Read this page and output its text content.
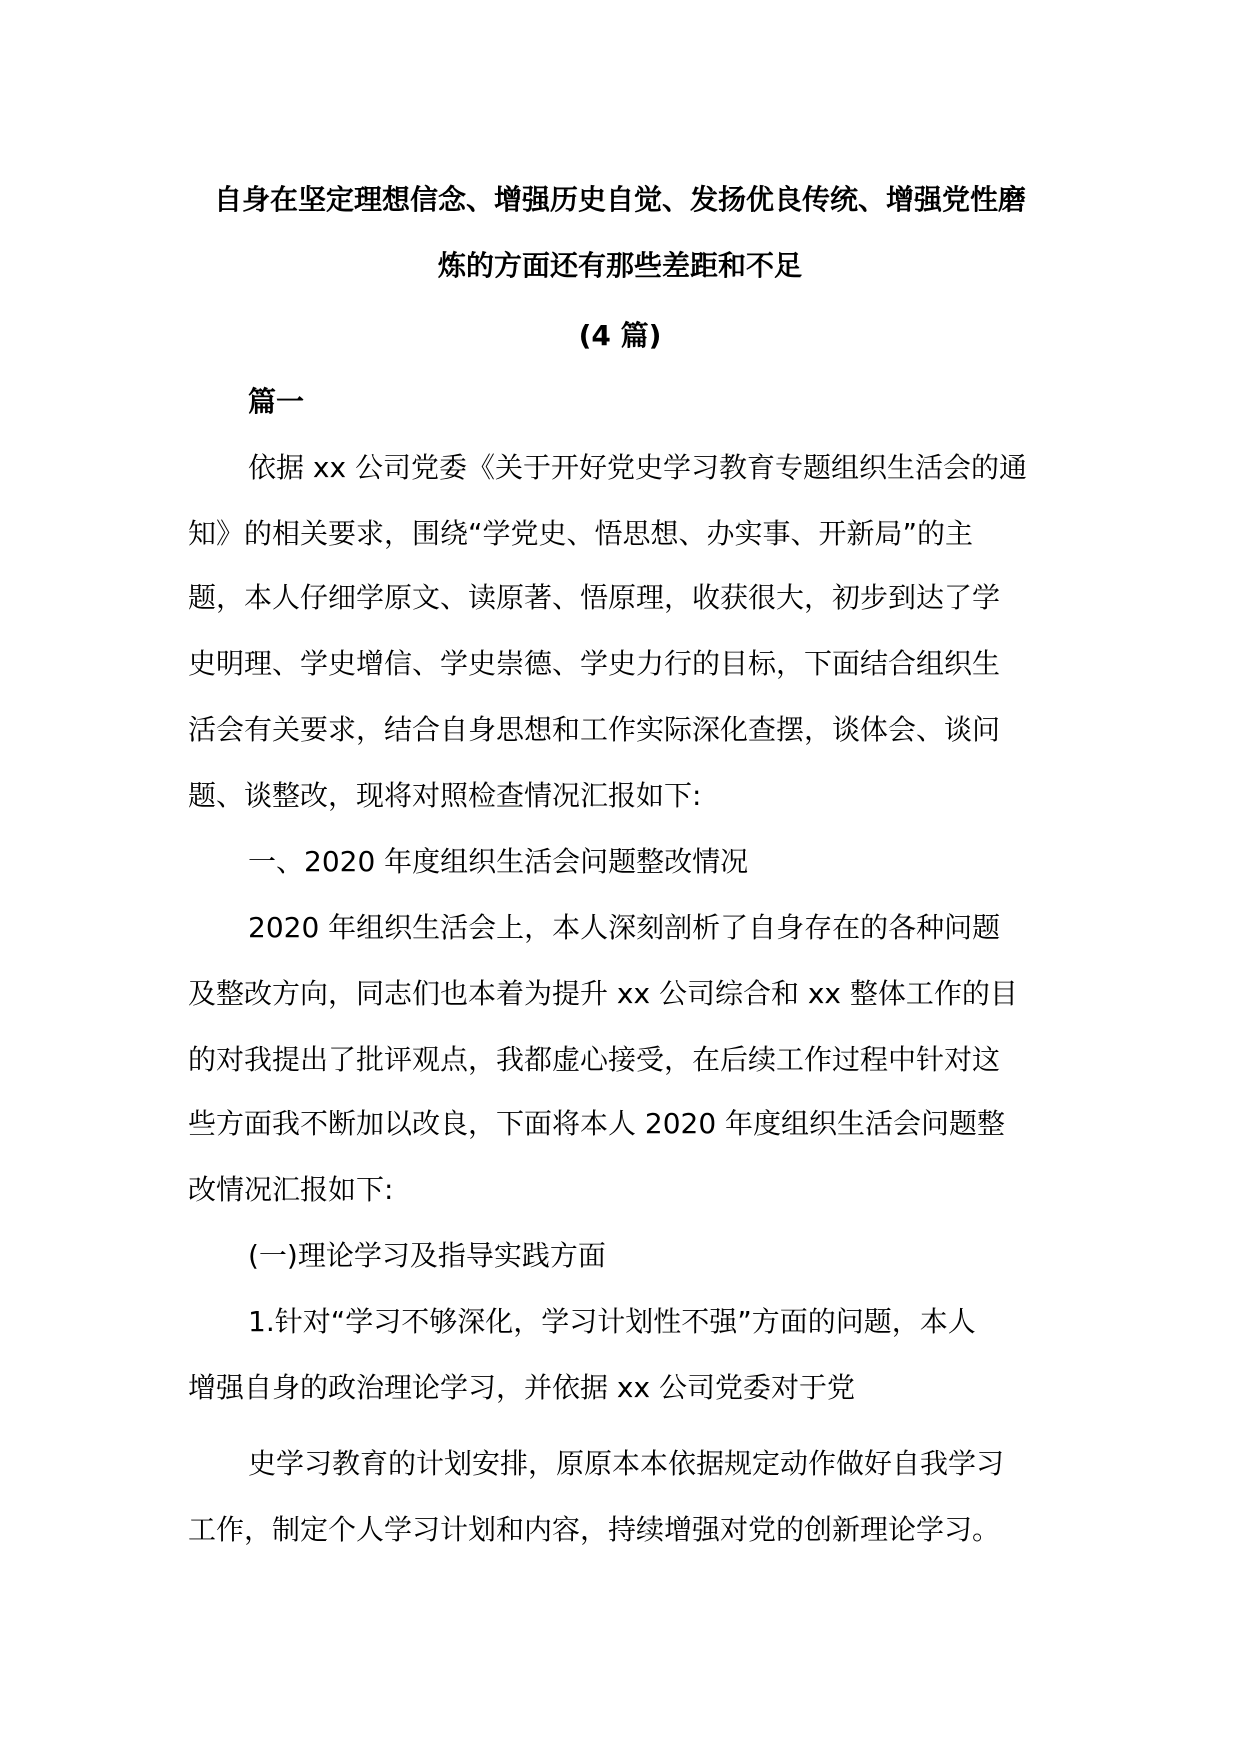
自身在坚定理想信念、增强历史自觉、发扬优良传统、增强党性磨
炼的方面还有那些差距和不足
(4 篇)
篇一
依据 xx 公司党委《关于开好党史学习教育专题组织生活会的通
知》的相关要求，围绕“学党史、悟思想、办实事、开新局”的主
题，本人仔细学原文、读原著、悟原理，收获很大，初步到达了学
史明理、学史增信、学史崇德、学史力行的目标，下面结合组织生
活会有关要求，结合自身思想和工作实际深化查摆，谈体会、谈问
题、谈整改，现将对照检查情况汇报如下:
一、2020 年度组织生活会问题整改情况
2020 年组织生活会上，本人深刻剖析了自身存在的各种问题
及整改方向，同志们也本着为提升 xx 公司综合和 xx 整体工作的目
的对我提出了批评观点，我都虚心接受，在后续工作过程中针对这
些方面我不断加以改良，下面将本人 2020 年度组织生活会问题整
改情况汇报如下:
(一)理论学习及指导实践方面
1.针对“学习不够深化，学习计划性不强”方面的问题，本人
增强自身的政治理论学习，并依据 xx 公司党委对于党
史学习教育的计划安排，原原本本依据规定动作做好自我学习
工作，制定个人学习计划和内容，持续增强对党的创新理论学习。
